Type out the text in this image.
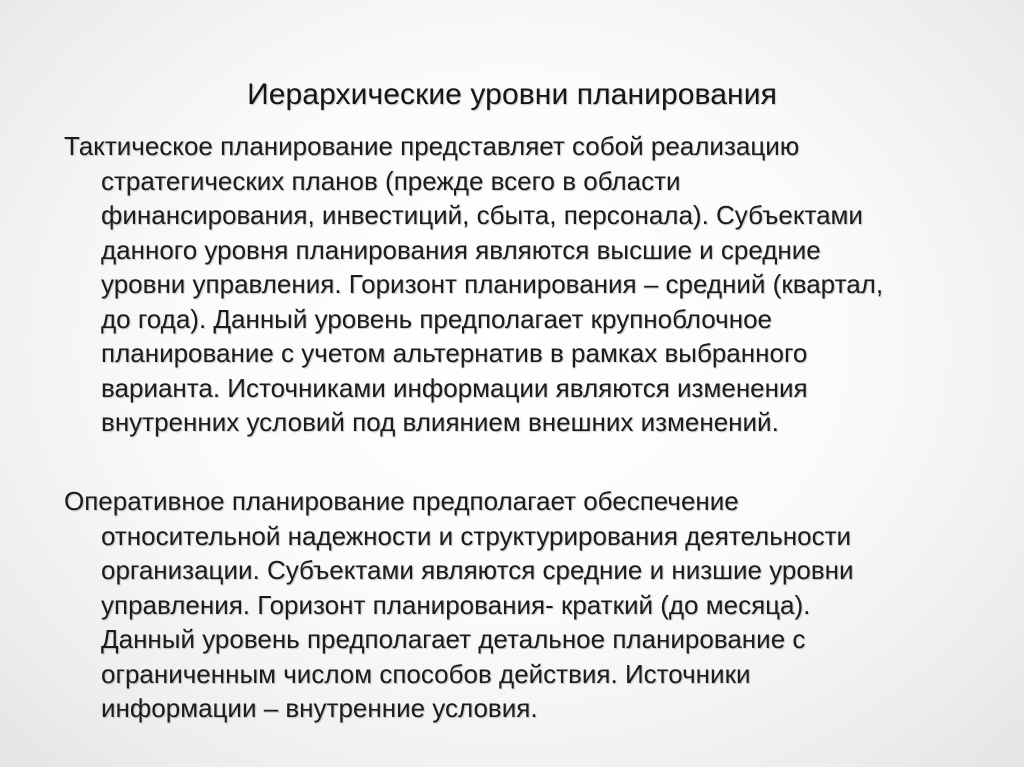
Иерархические уровни планирования
Тактическое планирование представляет собой реализацию
стратегических планов (прежде всего в области
финансирования, инвестиций, сбыта, персонала). Субъектами
данного уровня планирования являются высшие и средние
уровни управления. Горизонт планирования – средний (квартал,
до года). Данный уровень предполагает крупноблочное
планирование с учетом альтернатив в рамках выбранного
варианта. Источниками информации являются изменения
внутренних условий под влиянием внешних изменений.
Оперативное планирование предполагает обеспечение
относительной надежности и структурирования деятельности
организации. Субъектами являются средние и низшие уровни
управления. Горизонт планирования- краткий (до месяца).
Данный уровень предполагает детальное планирование с
ограниченным числом способов действия. Источники
информации – внутренние условия.
